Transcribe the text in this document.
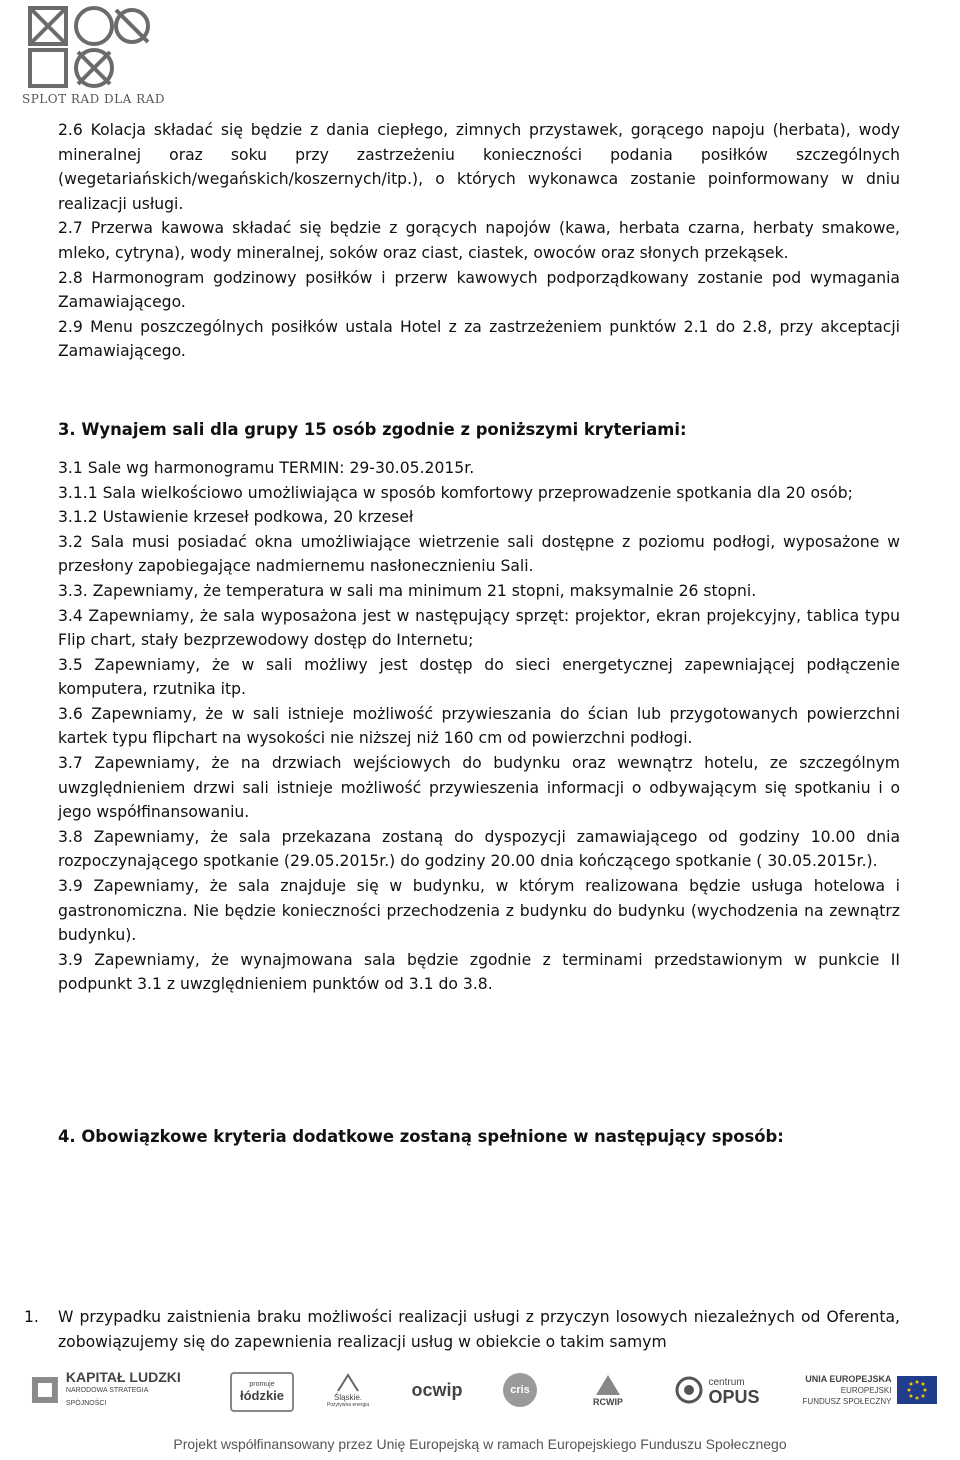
SPLOT RAD DLA RAD

2.6 Kolacja składać się będzie z dania ciepłego, zimnych przystawek, gorącego napoju (herbata), wody mineralnej oraz soku przy zastrzeżeniu konieczności podania posiłków szczególnych (wegetariańskich/wegańskich/koszernych/itp.), o których wykonawca zostanie poinformowany w dniu realizacji usługi.

2.7 Przerwa kawowa składać się będzie z gorących napojów (kawa, herbata czarna, herbaty smakowe, mleko, cytryna), wody mineralnej, soków oraz ciast, ciastek, owoców oraz słonych przekąsek.

2.8 Harmonogram godzinowy posiłków i przerw kawowych podporządkowany zostanie pod wymagania Zamawiającego.

2.9 Menu poszczególnych posiłków ustala Hotel z za zastrzeżeniem punktów 2.1 do 2.8, przy akceptacji Zamawiającego.

3. Wynajem sali dla grupy 15 osób zgodnie z poniższymi kryteriami:

3.1 Sale wg harmonogramu TERMIN: 29-30.05.2015r.

3.1.1 Sala wielkościowo umożliwiająca w sposób komfortowy przeprowadzenie spotkania dla 20 osób;

3.1.2 Ustawienie krzeseł podkowa, 20 krzeseł

3.2 Sala musi posiadać okna umożliwiające wietrzenie sali dostępne z poziomu podłogi, wyposażone w przesłony zapobiegające nadmiernemu nasłonecznieniu Sali.

3.3. Zapewniamy, że temperatura w sali ma minimum 21 stopni, maksymalnie 26 stopni.

3.4 Zapewniamy, że sala wyposażona jest w następujący sprzęt: projektor, ekran projekcyjny, tablica typu Flip chart, stały bezprzewodowy dostęp do Internetu;

3.5 Zapewniamy, że w sali możliwy jest dostęp do sieci energetycznej zapewniającej podłączenie komputera, rzutnika itp.

3.6 Zapewniamy, że w sali istnieje możliwość przywieszania do ścian lub przygotowanych powierzchni kartek typu flipchart na wysokości nie niższej niż 160 cm od powierzchni podłogi.

3.7 Zapewniamy, że na drzwiach wejściowych do budynku oraz wewnątrz hotelu, ze szczególnym uwzględnieniem drzwi sali istnieje możliwość przywieszenia informacji o odbywającym się spotkaniu i o jego współfinansowaniu.

3.8 Zapewniamy, że sala przekazana zostaną do dyspozycji zamawiającego od godziny 10.00 dnia rozpoczynającego spotkanie (29.05.2015r.) do godziny 20.00 dnia kończącego spotkanie ( 30.05.2015r.).

3.9 Zapewniamy, że sala znajduje się w budynku, w którym realizowana będzie usługa hotelowa i gastronomiczna. Nie będzie konieczności przechodzenia z budynku do budynku (wychodzenia na zewnątrz budynku).

3.9 Zapewniamy, że wynajmowana sala będzie zgodnie z terminami przedstawionym w punkcie II podpunkt 3.1 z uwzględnieniem punktów od 3.1 do 3.8.

4. Obowiązkowe kryteria dodatkowe zostaną spełnione w następujący sposób:
1. W przypadku zaistnienia braku możliwości realizacji usługi z przyczyn losowych niezależnych od Oferenta, zobowiązujemy się do zapewnienia realizacji usług w obiekcie o takim samym
KAPITAŁ LUDZKI
NARODOWA STRATEGIA SPÓJNOŚCI
promuje
łódzkie	Śląskie.
Pozytywna energia
ocwip	cris
RCWIP
centrum
OPUS
UNIA EUROPEJSKA
EUROPEJSKI
FUNDUSZ SPOŁECZNY
Projekt współfinansowany przez Unię Europejską w ramach Europejskiego Funduszu Społecznego
